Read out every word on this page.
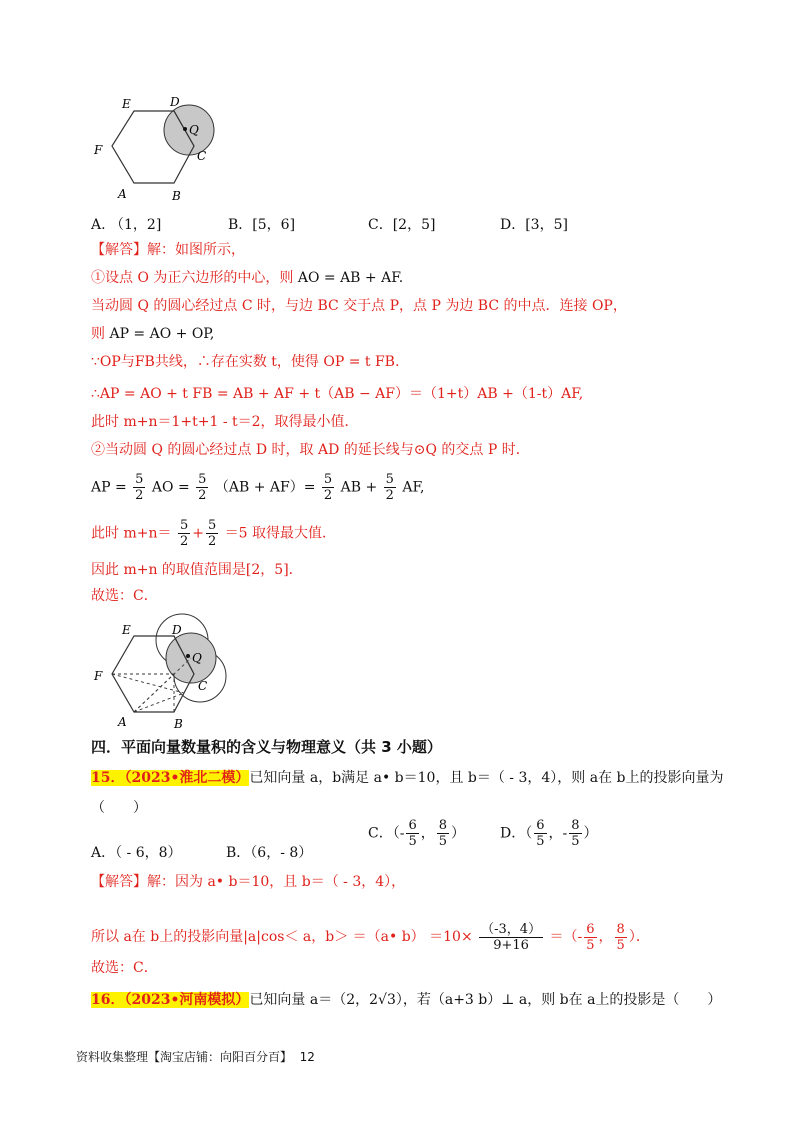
E	D
Q
F	C
A	B
A. （1，2]	B．[5，6]	C．[2，5]	D．[3，5]
【解答】解：如图所示，
①设点 O 为正六边形的中心，则 AO = AB + AF.
当动圆 Q 的圆心经过点 C 时，与边 BC 交于点 P，点 P 为边 BC 的中点．连接 OP，
则 AP = AO + OP,
∵OP与FB共线，∴存在实数 t，使得 OP = t FB.
∴AP = AO + t FB = AB + AF + t（AB − AF）＝（1+t）AB +（1-t）AF,
此时 m+n＝1+t+1 - t＝2，取得最小值．
②当动圆 Q 的圆心经过点 D 时，取 AD 的延长线与⊙Q 的交点 P 时．
AP = $\frac{5}{2}$ AO = $\frac{5}{2} (AB + AF)= \frac{5}{2}$ AB + $\frac{5}{2}$ AF,
此时 $m+n= \frac{5}{2} + \frac{5}{2} =5$ 取得最大值．
因此 m+n 的取值范围是[2，5]．
故选：C．
E	D
Q
F
C
A	B
四．平面向量数量积的含义与物理意义（共 3 小题）
15．（2023•淮北二模）已知向量 a，b满足 a• b＝10，且 b＝（ - 3，4），则 a在 b上的投影向量为
（　　）
A．（ - 6，8）	B．（6，- 8）
C．（- $\frac{6}{5}$ ， $\frac{8}{5}$ ） D．（ $\frac{6}{5}$ ，- $\frac{8}{5}$ ）
【解答】解：因为 a• b＝10，且 b＝（ - 3，4），
所以 a在 b上的投影向量|a|cos＜ a，b＞ ＝（a• $b) =10\times \frac{(-3,4)}{9+16}$ ＝（- $\frac{6}{5}$ ， $\frac{8}{5}$ ）．
故选：C．
16．（2023•河南模拟）已知向量 a＝（2，2√3），若（a+3 b）⊥ a，则 b在 a上的投影是（　　）
资料收集整理【淘宝店铺：向阳百分百】 12
